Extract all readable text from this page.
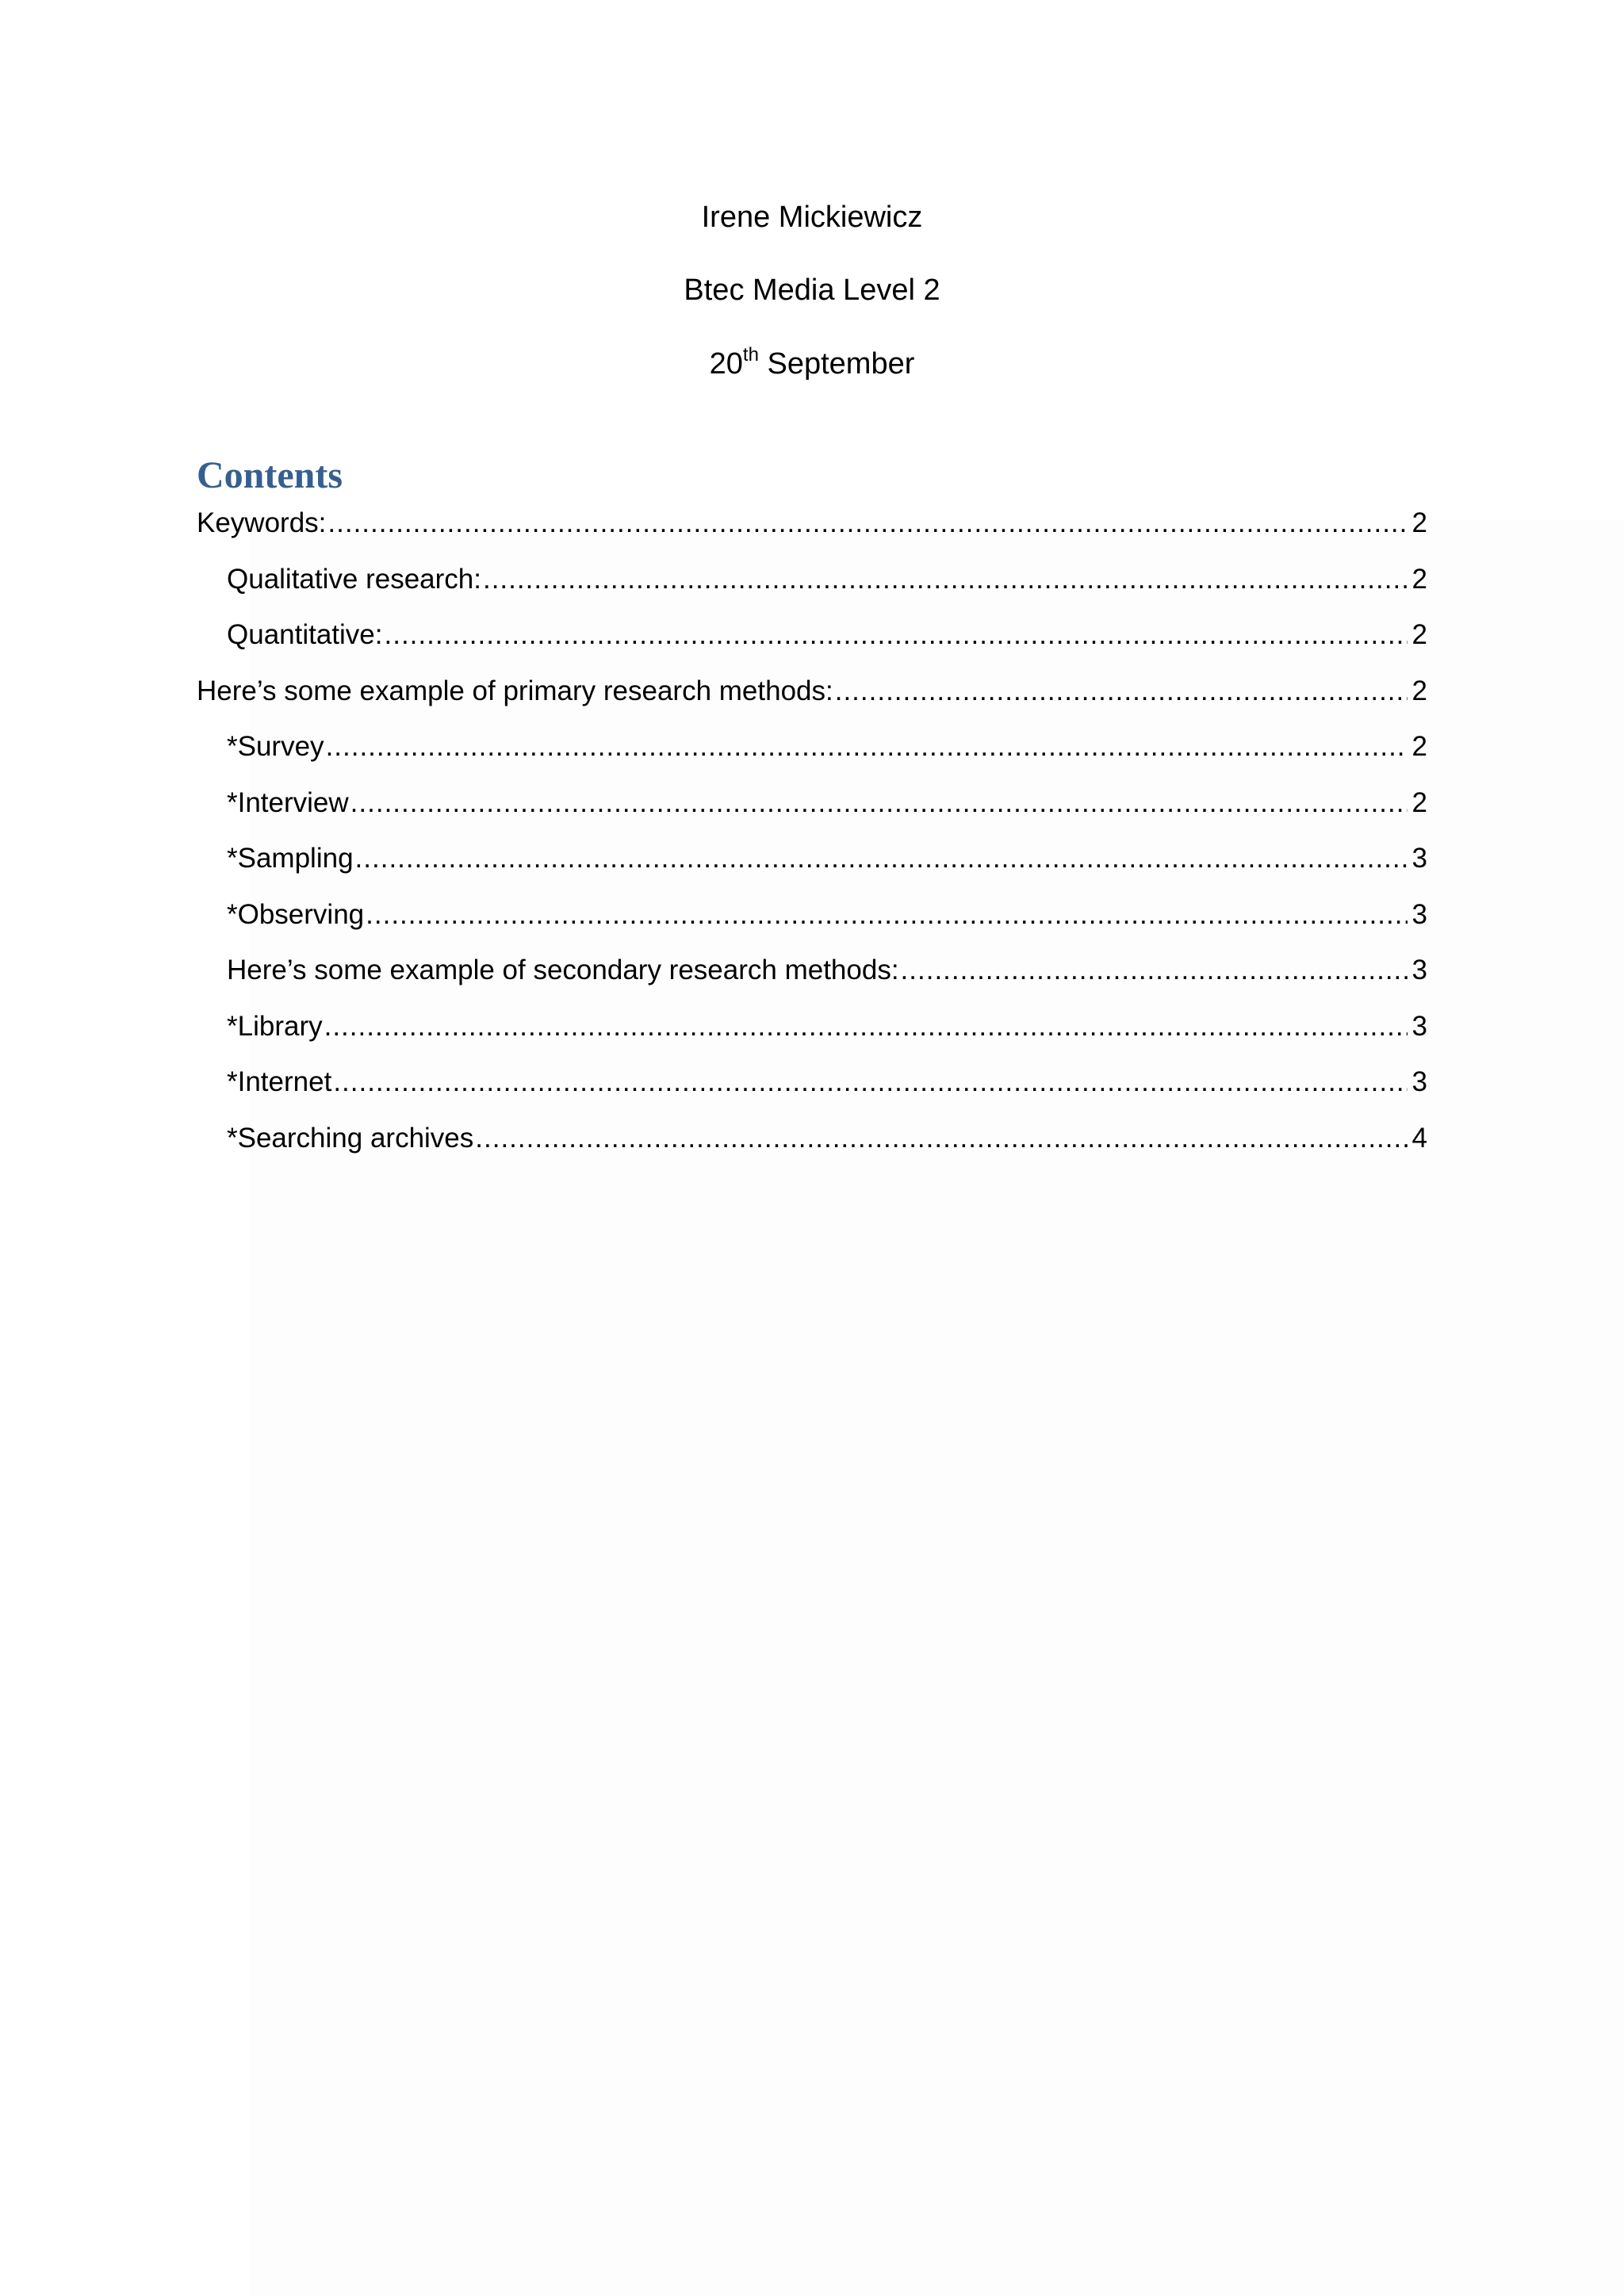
Irene Mickiewicz
Btec Media Level 2
20th September
Contents
Keywords: .....	2
Qualitative research: .....	2
Quantitative: .....	2
Here’s some example of primary research methods: .....	2
*Survey .....	2
*Interview .....	2
*Sampling .....	3
*Observing .....	3
Here’s some example of secondary research methods: .....	3
*Library .....	3
*Internet .....	3
*Searching archives .....	4
